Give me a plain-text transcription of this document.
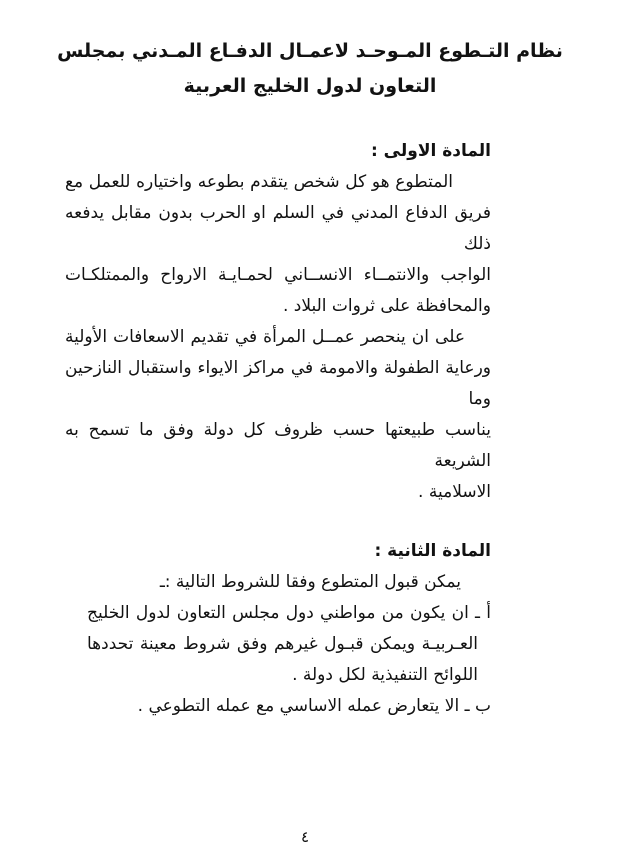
نظام التـطوع المـوحـد لاعمـال الدفـاع المـدني بمجلس
التعاون لدول الخليج العربية
المادة الاولى :
المتطوع هو كل شخص يتقدم بطوعه واختياره للعمل مع
فريق الدفاع المدني في السلم او الحرب بدون مقابل يدفعه ذلك
الواجب والانتمــاء الانســاني لحمـايـة الارواح والممتلكـات
والمحافظة على ثروات البلاد .
على ان ينحصر عمــل المرأة في تقديم الاسعافات الأولية
ورعاية الطفولة والامومة في مراكز الايواء واستقبال النازحين وما
يناسب طبيعتها حسب ظروف كل دولة وفق ما تسمح به الشريعة
الاسلامية .
المادة الثانية :
يمكن قبول المتطوع وفقا للشروط التالية :ـ
أ ـ ان يكون من مواطني دول مجلس التعاون لدول الخليج
العـربيـة ويمكن قبـول غيرهم وفق شروط معينة تحددها
اللوائح التنفيذية لكل دولة .
ب ـ الا يتعارض عمله الاساسي مع عمله التطوعي .
٤
